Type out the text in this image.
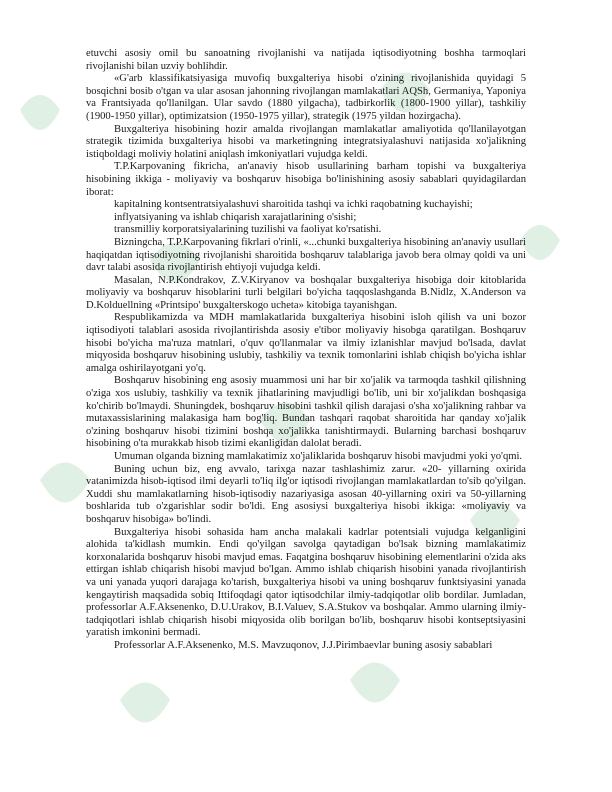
etuvchi asosiy omil bu sanoatning rivojlanishi va natijada iqtisodiyotning boshha tarmoqlari rivojlanishi bilan uzviy bohlihdir.

«G'arb klassifikatsiyasiga muvofiq buxgalteriya hisobi o'zining rivojlanishida quyidagi 5 bosqichni bosib o'tgan va ular asosan jahonning rivojlangan mamlakatlari AQSh, Germaniya, Yaponiya va Frantsiyada qo'llanilgan. Ular savdo (1880 yilgacha), tadbirkorlik (1800-1900 yillar), tashkiliy (1900-1950 yillar), optimizatsion (1950-1975 yillar), strategik (1975 yildan hozirgacha).

Buxgalteriya hisobining hozir amalda rivojlangan mamlakatlar amaliyotida qo'llanilayotgan strategik tizimida buxgalteriya hisobi va marketingning integratsiyalashuvi natijasida xo'jalikning istiqboldagi moliviy holatini aniqlash imkoniyatlari vujudga keldi.

T.P.Karpovaning fikricha, an'anaviy hisob usullarining barham topishi va buxgalteriya hisobining ikkiga - moliyaviy va boshqaruv hisobiga bo'linishining asosiy sabablari quyidagilardan iborat:

kapitalning kontsentratsiyalashuvi sharoitida tashqi va ichki raqobatning kuchayishi;

inflyatsiyaning va ishlab chiqarish xarajatlarining o'sishi;

transmilliy korporatsiyalarining tuzilishi va faoliyat ko'rsatishi.

Bizningcha, T.P.Karpovaning fikrlari o'rinli, «...chunki buxgalteriya hisobining an'anaviy usullari haqiqatdan iqtisodiyotning rivojlanishi sharoitida boshqaruv talablariga javob bera olmay qoldi va uni davr talabi asosida rivojlantirish ehtiyoji vujudga keldi.

Masalan, N.P.Kondrakov, Z.V.Kiryanov va boshqalar buxgalteriya hisobiga doir kitoblarida moliyaviy va boshqaruv hisoblarini turli belgilari bo'yicha taqqoslashganda B.Nidlz, X.Anderson va D.Kolduellning «Printsipo' buxgalterskogo ucheta» kitobiga tayanishgan.

Respublikamizda va MDH mamlakatlarida buxgalteriya hisobini isloh qilish va uni bozor iqtisodiyoti talablari asosida rivojlantirishda asosiy e'tibor moliyaviy hisobga qaratilgan. Boshqaruv hisobi bo'yicha ma'ruza matnlari, o'quv qo'llanmalar va ilmiy izlanishlar mavjud bo'lsada, davlat miqyosida boshqaruv hisobining uslubiy, tashkiliy va texnik tomonlarini ishlab chiqish bo'yicha ishlar amalga oshirilayotgani yo'q.

Boshqaruv hisobining eng asosiy muammosi uni har bir xo'jalik va tarmoqda tashkil qilishning o'ziga xos uslubiy, tashkiliy va texnik jihatlarining mavjudligi bo'lib, uni bir xo'jalikdan boshqasiga ko'chirib bo'lmaydi. Shuningdek, boshqaruv hisobini tashkil qilish darajasi o'sha xo'jalikning rahbar va mutaxassislarining malakasiga ham bog'liq. Bundan tashqari raqobat sharoitida har qanday xo'jalik o'zining boshqaruv hisobi tizimini boshqa xo'jalikka tanishtirmaydi. Bularning barchasi boshqaruv hisobining o'ta murakkab hisob tizimi ekanligidan dalolat beradi.

Umuman olganda bizning mamlakatimiz xo'jaliklarida boshqaruv hisobi mavjudmi yoki yo'qmi.

Buning uchun biz, eng avvalo, tarixga nazar tashlashimiz zarur. «20- yillarning oxirida vatanimizda hisob-iqtisod ilmi deyarli to'liq ilg'or iqtisodi rivojlangan mamlakatlardan to'sib qo'yilgan. Xuddi shu mamlakatlarning hisob-iqtisodiy nazariyasiga asosan 40-yillarning oxiri va 50-yillarning boshlarida tub o'zgarishlar sodir bo'ldi. Eng asosiysi buxgalteriya hisobi ikkiga: «moliyaviy va boshqaruv hisobiga» bo'lindi.

Buxgalteriya hisobi sohasida ham ancha malakali kadrlar potentsiali vujudga kelganligini alohida ta'kidlash mumkin. Endi qo'yilgan savolga qaytadigan bo'lsak bizning mamlakatimiz korxonalarida boshqaruv hisobi mavjud emas. Faqatgina boshqaruv hisobining elementlarini o'zida aks ettirgan ishlab chiqarish hisobi mavjud bo'lgan. Ammo ishlab chiqarish hisobini yanada rivojlantirish va uni yanada yuqori darajaga ko'tarish, buxgalteriya hisobi va uning boshqaruv funktsiyasini yanada kengaytirish maqsadida sobiq Ittifoqdagi qator iqtisodchilar ilmiy-tadqiqotlar olib bordilar. Jumladan, professorlar A.F.Aksenenko, D.U.Urakov, B.I.Valuev, S.A.Stukov va boshqalar. Ammo ularning ilmiy-tadqiqotlari ishlab chiqarish hisobi miqyosida olib borilgan bo'lib, boshqaruv hisobi kontseptsiyasini yaratish imkonini bermadi.

Professorlar A.F.Aksenenko, M.S. Mavzuqonov, J.J.Pirimbaevlar buning asosiy sabablari
